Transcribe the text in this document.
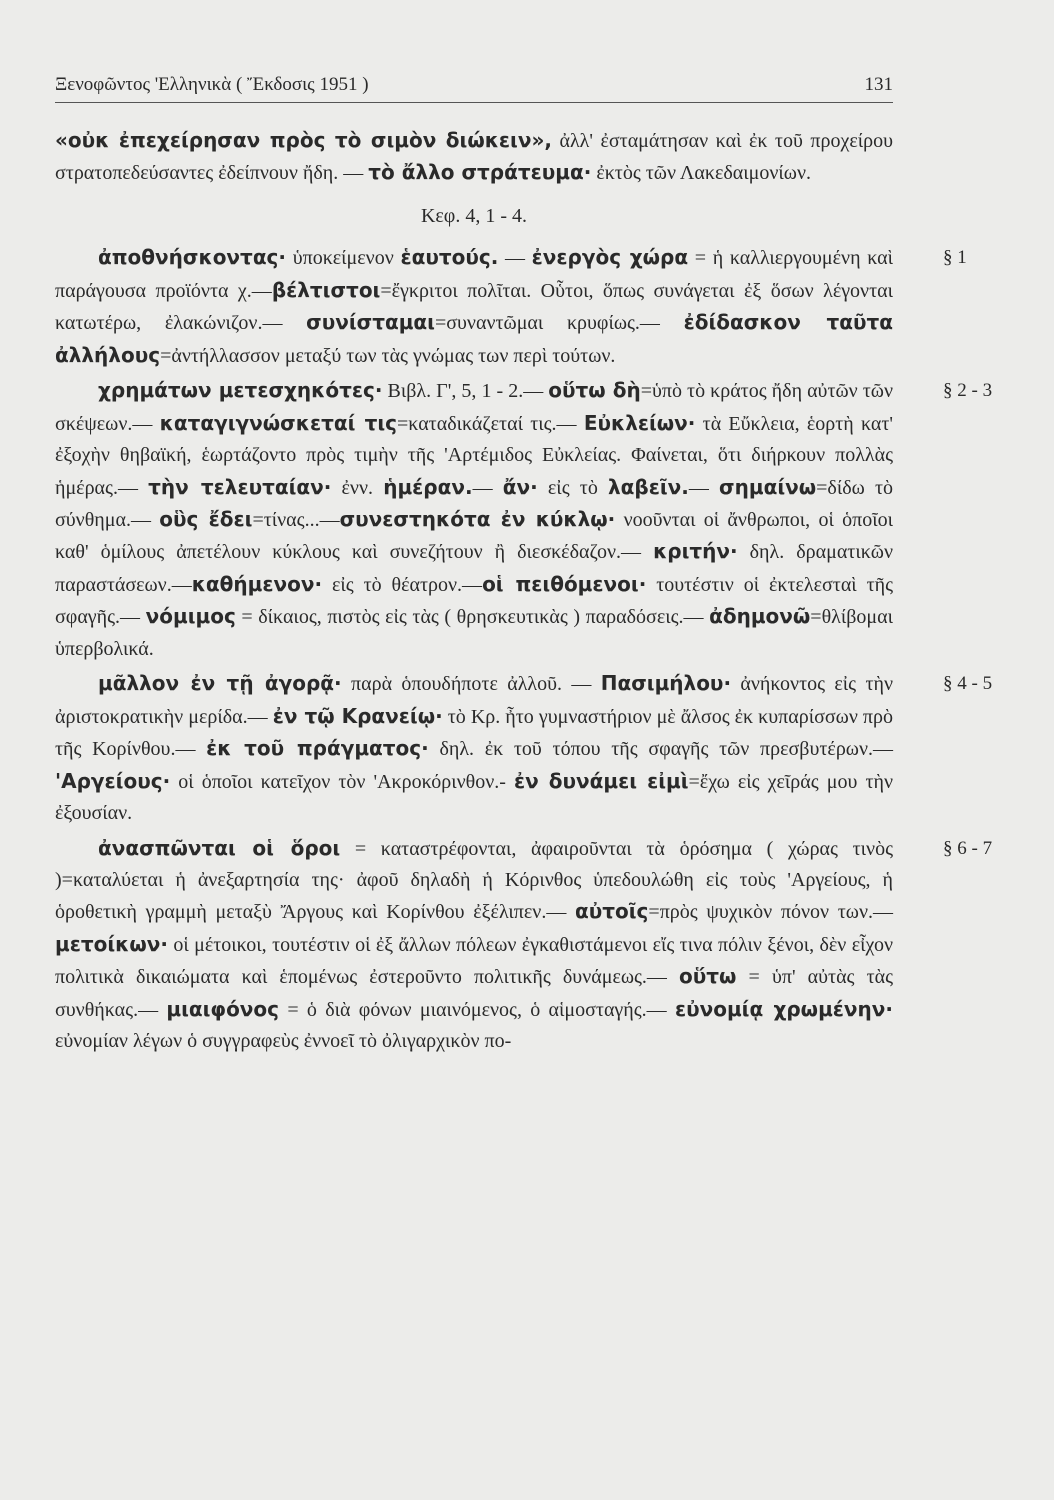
Ξενοφῶντος 'Ελληνικὰ ( Ἔκδοσις 1951 )	131

«οὐκ ἐπεχείρησαν πρὸς τὸ σιμὸν διώκειν», ἀλλ' ἐσταμάτησαν καὶ ἐκ τοῦ προχείρου στρατοπεδεύσαντες ἐδείπνουν ἤδη. — τὸ ἄλλο στράτευμα· ἐκτὸς τῶν Λακεδαιμονίων.

Κεφ. 4, 1 - 4.

§ 1
ἀποθνήσκοντας· ὑποκείμενον ἑαυτούς. — ἐνεργὸς χώρα = ἡ καλλιεργουμένη καὶ παράγουσα προϊόντα χ.—βέλτιστοι=ἔγκριτοι πολῖται. Οὗτοι, ὅπως συνάγεται ἐξ ὅσων λέγονται κατωτέρω, ἐλακώνιζον.— συνίσταμαι=συναντῶμαι κρυφίως.— ἐδίδασκον ταῦτα ἀλλήλους=ἀντήλλασσον μεταξύ των τὰς γνώμας των περὶ τούτων.

§ 2 - 3
χρημάτων μετεσχηκότες· Βιβλ. Γ', 5, 1 - 2.— οὕτω δὴ=ὑπὸ τὸ κράτος ἤδη αὐτῶν τῶν σκέψεων.— καταγιγνώσκεταί τις=καταδικάζεταί τις.— Εὐκλείων· τὰ Εὔκλεια, ἑορτὴ κατ' ἐξοχὴν θηβαϊκή, ἑωρτάζοντο πρὸς τιμὴν τῆς 'Αρτέμιδος Εὐκλείας. Φαίνεται, ὅτι διήρκουν πολλὰς ἡμέρας.— τὴν τελευταίαν· ἐνν. ἡμέραν.— ἄν· εἰς τὸ λαβεῖν.— σημαίνω=δίδω τὸ σύνθημα.— οὓς ἔδει=τίνας...—συνεστηκότα ἐν κύκλῳ· νοοῦνται οἱ ἄνθρωποι, οἱ ὁποῖοι καθ' ὁμίλους ἀπετέλουν κύκλους καὶ συνεζήτουν ἢ διεσκέδαζον.— κριτήν· δηλ. δραματικῶν παραστάσεων.—καθήμενον· εἰς τὸ θέατρον.—οἱ πειθόμενοι· τουτέστιν οἱ ἐκτελεσταὶ τῆς σφαγῆς.— νόμιμος = δίκαιος, πιστὸς εἰς τὰς ( θρησκευτικὰς ) παραδόσεις.— ἀδημονῶ=θλίβομαι ὑπερβολικά.

§ 4 - 5
μᾶλλον ἐν τῇ ἀγορᾷ· παρὰ ὁπουδήποτε ἀλλοῦ. — Πασιμήλου· ἀνήκοντος εἰς τὴν ἀριστοκρατικὴν μερίδα.— ἐν τῷ Κρανείῳ· τὸ Κρ. ἦτο γυμναστήριον μὲ ἄλσος ἐκ κυπαρίσσων πρὸ τῆς Κορίνθου.— ἐκ τοῦ πράγματος· δηλ. ἐκ τοῦ τόπου τῆς σφαγῆς τῶν πρεσβυτέρων.— 'Αργείους· οἱ ὁποῖοι κατεῖχον τὸν 'Ακροκόρινθον.- ἐν δυνάμει εἰμὶ=ἔχω εἰς χεῖράς μου τὴν ἐξουσίαν.

§ 6 - 7
ἀνασπῶνται οἱ ὅροι = καταστρέφονται, ἀφαιροῦνται τὰ ὁρόσημα ( χώρας τινὸς )=καταλύεται ἡ ἀνεξαρτησία της· ἀφοῦ δηλαδὴ ἡ Κόρινθος ὑπεδουλώθη εἰς τοὺς 'Αργείους, ἡ ὁροθετικὴ γραμμὴ μεταξὺ Ἄργους καὶ Κορίνθου ἐξέλιπεν.— αὐτοῖς=πρὸς ψυχικὸν πόνον των.— μετοίκων· οἱ μέτοικοι, τουτέστιν οἱ ἐξ ἄλλων πόλεων ἐγκαθιστάμενοι εἴς τινα πόλιν ξένοι, δὲν εἶχον πολιτικὰ δικαιώματα καὶ ἑπομένως ἐστεροῦντο πολιτικῆς δυνάμεως.— οὕτω = ὑπ' αὐτὰς τὰς συνθήκας.— μιαιφόνος = ὁ διὰ φόνων μιαινόμενος, ὁ αἱμοσταγής.— εὐνομίᾳ χρωμένην· εὐνομίαν λέγων ὁ συγγραφεὺς ἐννοεῖ τὸ ὀλιγαρχικὸν πο-
